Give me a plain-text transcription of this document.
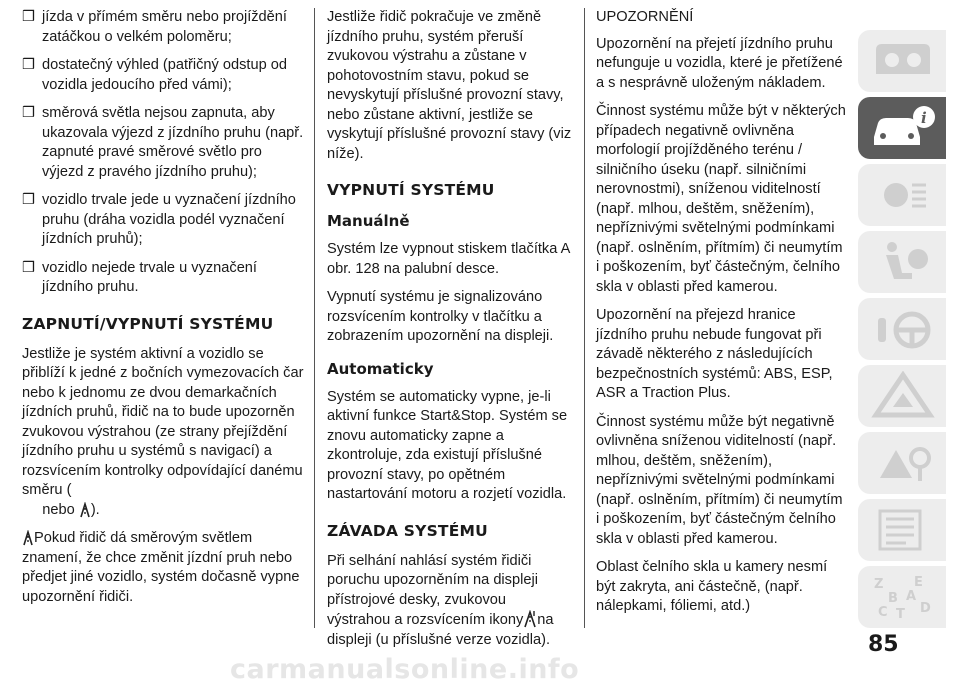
❒ jízda v přímém směru nebo projíždění zatáčkou o velkém poloměru;
❒ dostatečný výhled (patřičný odstup od vozidla jedoucího před vámi);
❒ směrová světla nejsou zapnuta, aby ukazovala výjezd z jízdního pruhu (např. zapnuté pravé směrové světlo pro výjezd z pravého jízdního pruhu);
❒ vozidlo trvale jede u vyznačení jízdního pruhu (dráha vozidla podél vyznačení jízdních pruhů);
❒ vozidlo nejede trvale u vyznačení jízdního pruhu.
ZAPNUTÍ/VYPNUTÍ SYSTÉMU

Jestliže je systém aktivní a vozidlo se přiblíží k jedné z bočních vymezovacích čar nebo k jednomu ze dvou demarkačních jízdních pruhů, řidič na to bude upozorněn zvukovou výstrahou (ze strany přejíždění jízdního pruhu u systémů s navigací) a rozsvícením kontrolky odpovídající danému směru (
nebo ).

Pokud řidič dá směrovým světlem znamení, že chce změnit jízdní pruh nebo předjet jiné vozidlo, systém dočasně vypne upozornění řidiči.

Jestliže řidič pokračuje ve změně jízdního pruhu, systém přeruší zvukovou výstrahu a zůstane v pohotovostním stavu, pokud se nevyskytují příslušné provozní stavy, nebo zůstane aktivní, jestliže se vyskytují příslušné provozní stavy (viz níže).

VYPNUTÍ SYSTÉMU
Manuálně

Systém lze vypnout stiskem tlačítka A obr. 128 na palubní desce.

Vypnutí systému je signalizováno rozsvícením kontrolky v tlačítku a zobrazením upozornění na displeji.

Automaticky

Systém se automaticky vypne, je-li aktivní funkce Start&Stop. Systém se znovu automaticky zapne a zkontroluje, zda existují příslušné provozní stavy, po opětném nastartování motoru a rozjetí vozidla.

ZÁVADA SYSTÉMU

Při selhání nahlásí systém řidiči poruchu upozorněním na displeji přístrojové desky, zvukovou výstrahou a rozsvícením ikony na displeji (u příslušné verze vozidla).

UPOZORNĚNÍ

Upozornění na přejetí jízdního pruhu nefunguje u vozidla, které je přetížené a s nesprávně uloženým nákladem.

Činnost systému může být v některých případech negativně ovlivněna morfologií projížděného terénu / silničního úseku (např. silničními nerovnostmi), sníženou viditelností (např. mlhou, deštěm, sněžením), nepříznivými světelnými podmínkami (např. oslněním, přítmím) či neumytím i poškozením, byť částečným, čelního skla v oblasti před kamerou.

Upozornění na přejezd hranice jízdního pruhu nebude fungovat při závadě některého z následujících bezpečnostních systémů: ABS, ESP, ASR a Traction Plus.

Činnost systému může být negativně ovlivněna sníženou viditelností (např. mlhou, deštěm, sněžením), nepříznivými světelnými podmínkami (např. oslněním, přítmím) či neumytím i poškozením, byť částečným čelního skla v oblasti před kamerou.

Oblast čelního skla u kamery nesmí být zakryta, ani částečně, (např. nálepkami, fóliemi, atd.)

i
Z
B
E
C
A
D
T
85
carmanualsonline.info
